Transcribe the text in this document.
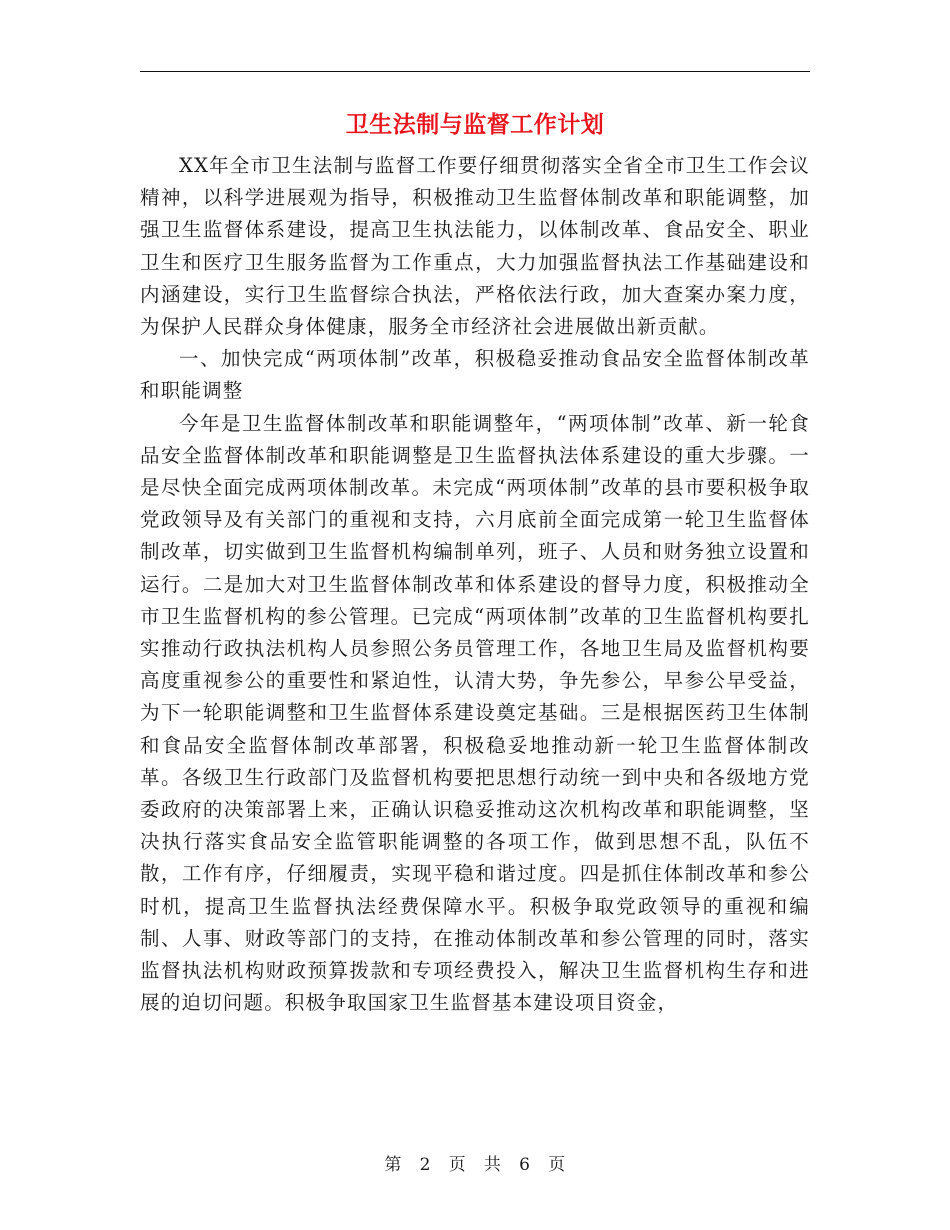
卫生法制与监督工作计划

XX年全市卫生法制与监督工作要仔细贯彻落实全省全市卫生工作会议精神，以科学进展观为指导，积极推动卫生监督体制改革和职能调整，加强卫生监督体系建设，提高卫生执法能力，以体制改革、食品安全、职业卫生和医疗卫生服务监督为工作重点，大力加强监督执法工作基础建设和内涵建设，实行卫生监督综合执法，严格依法行政，加大查案办案力度，为保护人民群众身体健康，服务全市经济社会进展做出新贡献。

一、加快完成“两项体制”改革，积极稳妥推动食品安全监督体制改革和职能调整

今年是卫生监督体制改革和职能调整年，“两项体制”改革、新一轮食品安全监督体制改革和职能调整是卫生监督执法体系建设的重大步骤。一是尽快全面完成两项体制改革。未完成“两项体制”改革的县市要积极争取党政领导及有关部门的重视和支持，六月底前全面完成第一轮卫生监督体制改革，切实做到卫生监督机构编制单列，班子、人员和财务独立设置和运行。二是加大对卫生监督体制改革和体系建设的督导力度，积极推动全市卫生监督机构的参公管理。已完成“两项体制”改革的卫生监督机构要扎实推动行政执法机构人员参照公务员管理工作，各地卫生局及监督机构要高度重视参公的重要性和紧迫性，认清大势，争先参公，早参公早受益，为下一轮职能调整和卫生监督体系建设奠定基础。三是根据医药卫生体制和食品安全监督体制改革部署，积极稳妥地推动新一轮卫生监督体制改革。各级卫生行政部门及监督机构要把思想行动统一到中央和各级地方党委政府的决策部署上来，正确认识稳妥推动这次机构改革和职能调整，坚决执行落实食品安全监管职能调整的各项工作，做到思想不乱，队伍不散，工作有序，仔细履责，实现平稳和谐过度。四是抓住体制改革和参公时机，提高卫生监督执法经费保障水平。积极争取党政领导的重视和编制、人事、财政等部门的支持，在推动体制改革和参公管理的同时，落实监督执法机构财政预算拨款和专项经费投入，解决卫生监督机构生存和进展的迫切问题。积极争取国家卫生监督基本建设项目资金，

第 2 页 共 6 页
